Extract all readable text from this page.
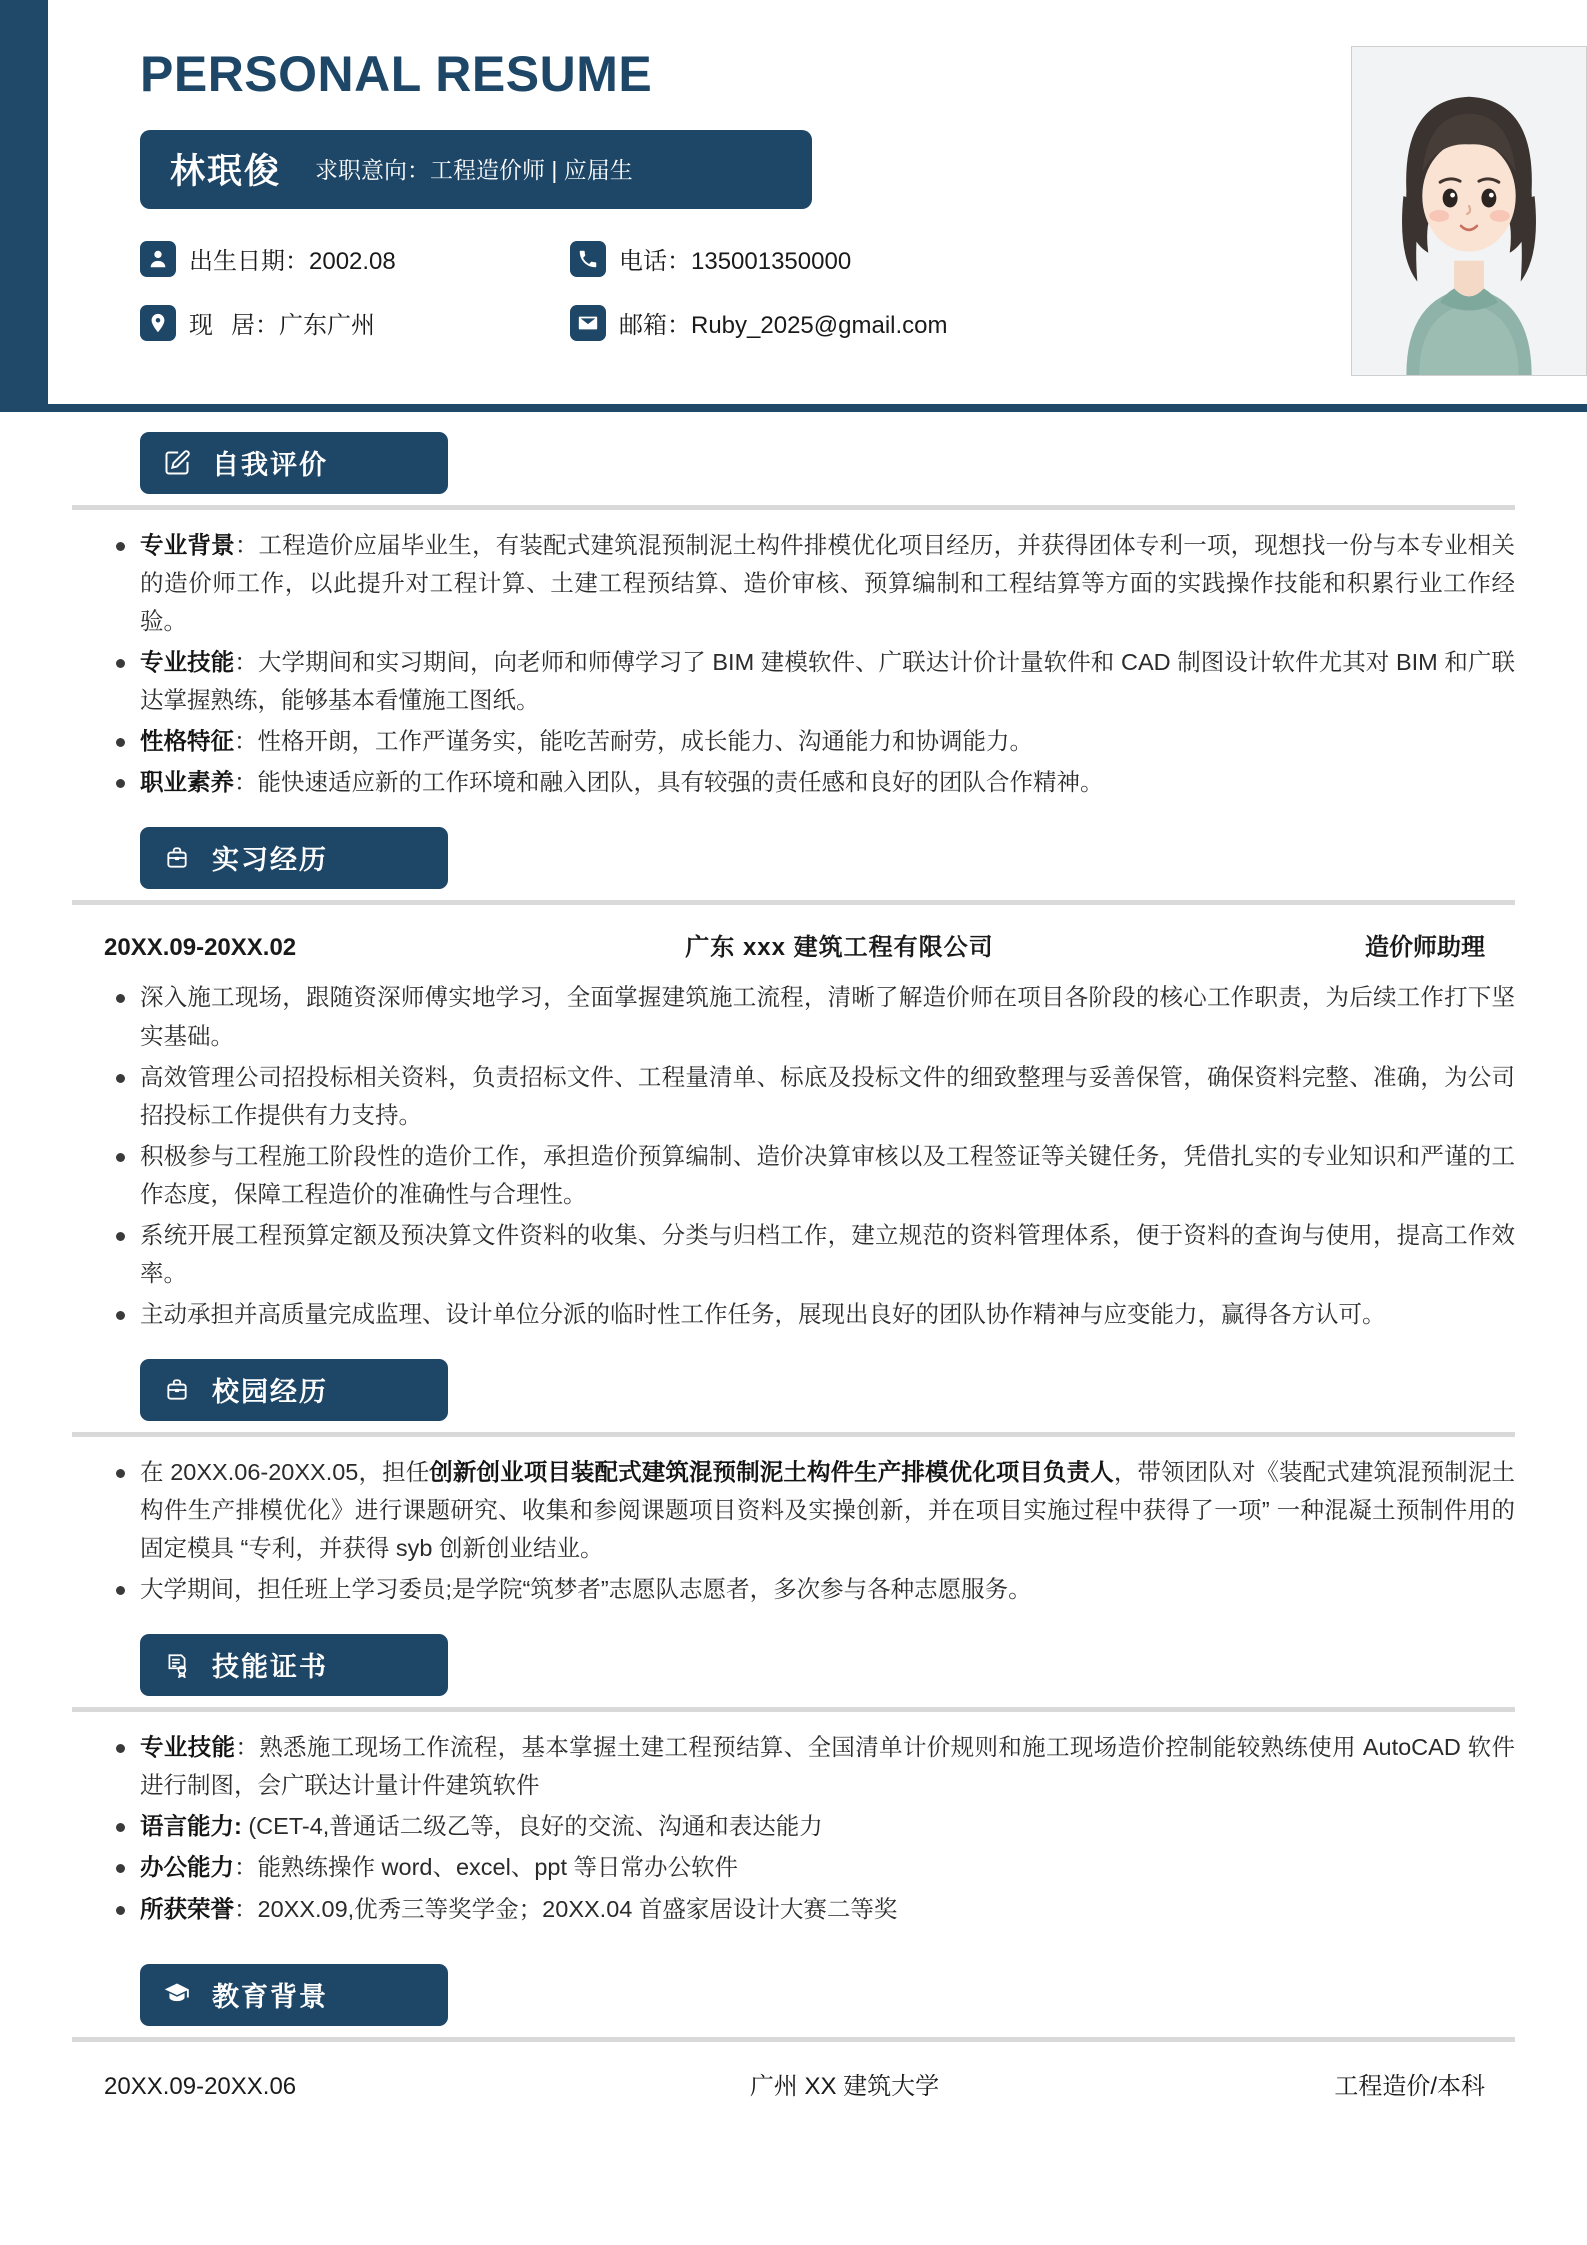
PERSONAL RESUME
林珉俊 求职意向：工程造价师 | 应届生
出生日期：2002.08	电话：135001350000
现居：广东广州	邮箱：Ruby_2025@gmail.com
自我评价
专业背景：工程造价应届毕业生，有装配式建筑混预制泥土构件排模优化项目经历，并获得团体专利一项，现想找一份与本专业相关的造价师工作，以此提升对工程计算、土建工程预结算、造价审核、预算编制和工程结算等方面的实践操作技能和积累行业工作经验。
专业技能：大学期间和实习期间，向老师和师傅学习了 BIM 建模软件、广联达计价计量软件和 CAD 制图设计软件尤其对 BIM 和广联达掌握熟练，能够基本看懂施工图纸。
性格特征：性格开朗，工作严谨务实，能吃苦耐劳，成长能力、沟通能力和协调能力。
职业素养：能快速适应新的工作环境和融入团队，具有较强的责任感和良好的团队合作精神。
实习经历
20XX.09-20XX.02	广东 xxx 建筑工程有限公司	造价师助理
深入施工现场，跟随资深师傅实地学习，全面掌握建筑施工流程，清晰了解造价师在项目各阶段的核心工作职责，为后续工作打下坚实基础。
高效管理公司招投标相关资料，负责招标文件、工程量清单、标底及投标文件的细致整理与妥善保管，确保资料完整、准确，为公司招投标工作提供有力支持。
积极参与工程施工阶段性的造价工作，承担造价预算编制、造价决算审核以及工程签证等关键任务，凭借扎实的专业知识和严谨的工作态度，保障工程造价的准确性与合理性。
系统开展工程预算定额及预决算文件资料的收集、分类与归档工作，建立规范的资料管理体系，便于资料的查询与使用，提高工作效率。
主动承担并高质量完成监理、设计单位分派的临时性工作任务，展现出良好的团队协作精神与应变能力，赢得各方认可。
校园经历
在 20XX.06-20XX.05，担任创新创业项目装配式建筑混预制泥土构件生产排模优化项目负责人，带领团队对《装配式建筑混预制泥土构件生产排模优化》进行课题研究、收集和参阅课题项目资料及实操创新，并在项目实施过程中获得了一项” 一种混凝土预制件用的固定模具 “专利，并获得 syb 创新创业结业。
大学期间，担任班上学习委员;是学院“筑梦者”志愿队志愿者，多次参与各种志愿服务。
技能证书
专业技能：熟悉施工现场工作流程，基本掌握土建工程预结算、全国清单计价规则和施工现场造价控制能较熟练使用 AutoCAD 软件进行制图，会广联达计量计件建筑软件
语言能力: (CET-4,普通话二级乙等，良好的交流、沟通和表达能力
办公能力：能熟练操作 word、excel、ppt 等日常办公软件
所获荣誉：20XX.09,优秀三等奖学金；20XX.04 首盛家居设计大赛二等奖
教育背景
20XX.09-20XX.06	广州 XX 建筑大学	工程造价/本科
